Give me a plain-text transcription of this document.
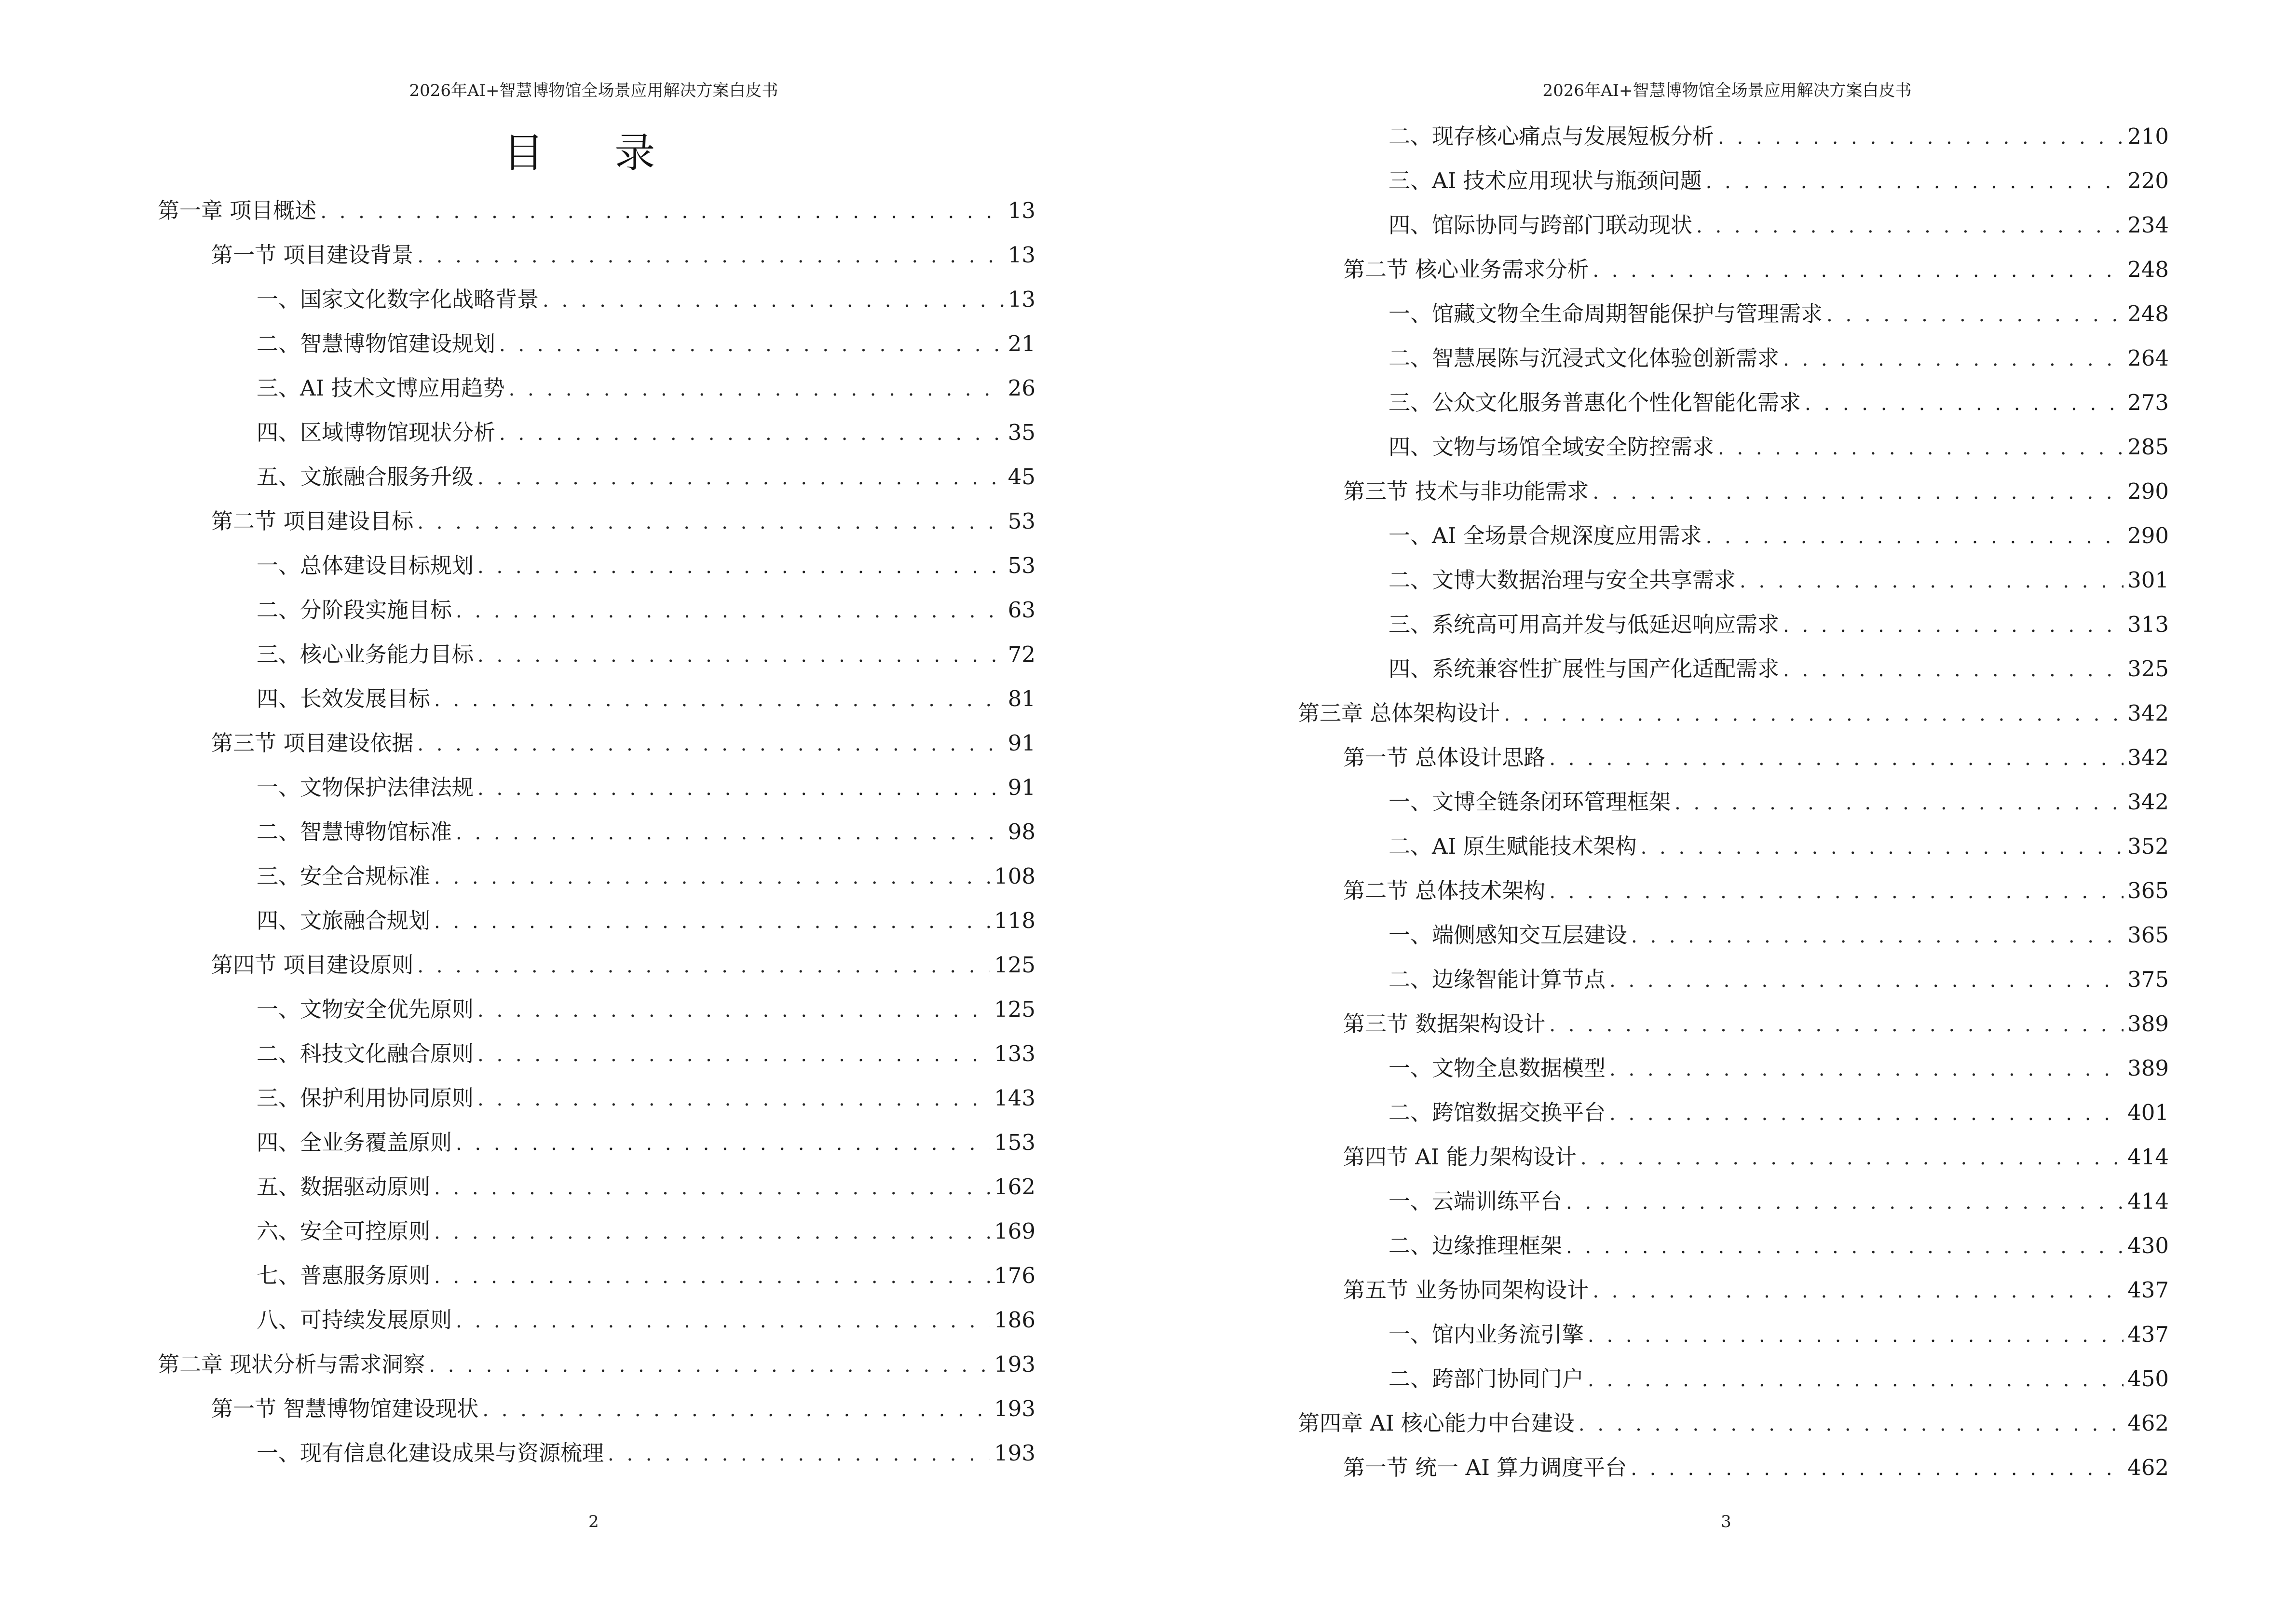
2026年AI+智慧博物馆全场景应用解决方案白皮书
目 录
第一章 项目概述 . . .	13
第一节 项目建设背景 . . .	13
一、国家文化数字化战略背景 . . .	13
二、智慧博物馆建设规划 . . .	21
三、AI 技术文博应用趋势 . . .	26
四、区域博物馆现状分析 . . .	35
五、文旅融合服务升级 . . .	45
第二节 项目建设目标 . . .	53
一、总体建设目标规划 . . .	53
二、分阶段实施目标 . . .	63
三、核心业务能力目标 . . .	72
四、长效发展目标 . . .	81
第三节 项目建设依据 . . .	91
一、文物保护法律法规 . . .	91
二、智慧博物馆标准 . . .	98
三、安全合规标准 . . .	108
四、文旅融合规划 . . .	118
第四节 项目建设原则 . . .	125
一、文物安全优先原则 . . .	125
二、科技文化融合原则 . . .	133
三、保护利用协同原则 . . .	143
四、全业务覆盖原则 . . .	153
五、数据驱动原则 . . .	162
六、安全可控原则 . . .	169
七、普惠服务原则 . . .	176
八、可持续发展原则 . . .	186
第二章 现状分析与需求洞察 . . .	193
第一节 智慧博物馆建设现状 . . .	193
一、现有信息化建设成果与资源梳理 . . .	193
2
2026年AI+智慧博物馆全场景应用解决方案白皮书
二、现存核心痛点与发展短板分析 . . .	210
三、AI 技术应用现状与瓶颈问题 . . .	220
四、馆际协同与跨部门联动现状 . . .	234
第二节 核心业务需求分析 . . .	248
一、馆藏文物全生命周期智能保护与管理需求 . . .	248
二、智慧展陈与沉浸式文化体验创新需求 . . .	264
三、公众文化服务普惠化个性化智能化需求 . . .	273
四、文物与场馆全域安全防控需求 . . .	285
第三节 技术与非功能需求 . . .	290
一、AI 全场景合规深度应用需求 . . .	290
二、文博大数据治理与安全共享需求 . . .	301
三、系统高可用高并发与低延迟响应需求 . . .	313
四、系统兼容性扩展性与国产化适配需求 . . .	325
第三章 总体架构设计 . . .	342
第一节 总体设计思路 . . .	342
一、文博全链条闭环管理框架 . . .	342
二、AI 原生赋能技术架构 . . .	352
第二节 总体技术架构 . . .	365
一、端侧感知交互层建设 . . .	365
二、边缘智能计算节点 . . .	375
第三节 数据架构设计 . . .	389
一、文物全息数据模型 . . .	389
二、跨馆数据交换平台 . . .	401
第四节 AI 能力架构设计 . . .	414
一、云端训练平台 . . .	414
二、边缘推理框架 . . .	430
第五节 业务协同架构设计 . . .	437
一、馆内业务流引擎 . . .	437
二、跨部门协同门户 . . .	450
第四章 AI 核心能力中台建设 . . .	462
第一节 统一 AI 算力调度平台 . . .	462
3
